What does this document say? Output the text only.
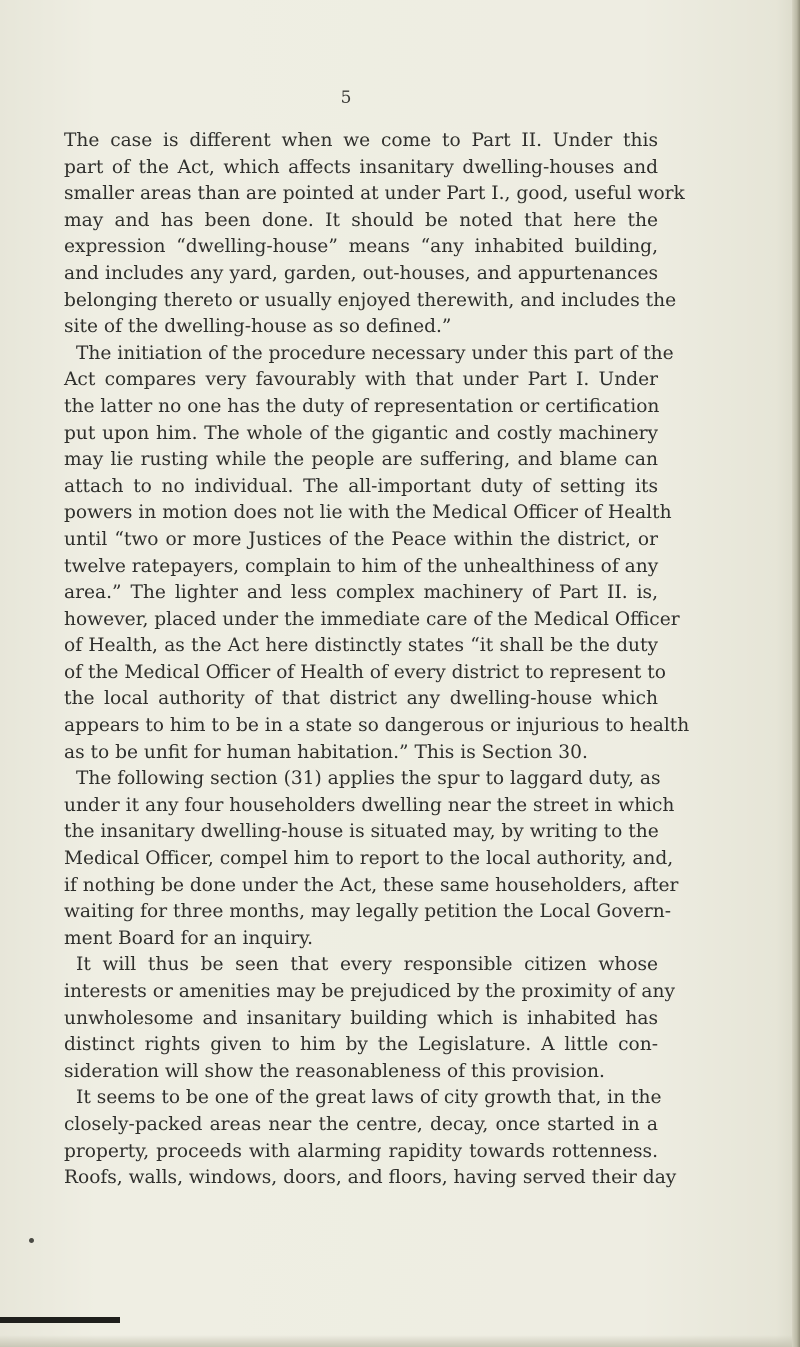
5
The case is different when we come to Part II. Under this
part of the Act, which affects insanitary dwelling-houses and
smaller areas than are pointed at under Part I., good, useful work
may and has been done. It should be noted that here the
expression “dwelling-house” means “any inhabited building,
and includes any yard, garden, out-houses, and appurtenances
belonging thereto or usually enjoyed therewith, and includes the
site of the dwelling-house as so defined.”
The initiation of the procedure necessary under this part of the
Act compares very favourably with that under Part I. Under
the latter no one has the duty of representation or certification
put upon him. The whole of the gigantic and costly machinery
may lie rusting while the people are suffering, and blame can
attach to no individual. The all-important duty of setting its
powers in motion does not lie with the Medical Officer of Health
until “two or more Justices of the Peace within the district, or
twelve ratepayers, complain to him of the unhealthiness of any
area.” The lighter and less complex machinery of Part II. is,
however, placed under the immediate care of the Medical Officer
of Health, as the Act here distinctly states “it shall be the duty
of the Medical Officer of Health of every district to represent to
the local authority of that district any dwelling-house which
appears to him to be in a state so dangerous or injurious to health
as to be unfit for human habitation.” This is Section 30.
The following section (31) applies the spur to laggard duty, as
under it any four householders dwelling near the street in which
the insanitary dwelling-house is situated may, by writing to the
Medical Officer, compel him to report to the local authority, and,
if nothing be done under the Act, these same householders, after
waiting for three months, may legally petition the Local Govern-
ment Board for an inquiry.
It will thus be seen that every responsible citizen whose
interests or amenities may be prejudiced by the proximity of any
unwholesome and insanitary building which is inhabited has
distinct rights given to him by the Legislature. A little con-
sideration will show the reasonableness of this provision.
It seems to be one of the great laws of city growth that, in the
closely-packed areas near the centre, decay, once started in a
property, proceeds with alarming rapidity towards rottenness.
Roofs, walls, windows, doors, and floors, having served their day
